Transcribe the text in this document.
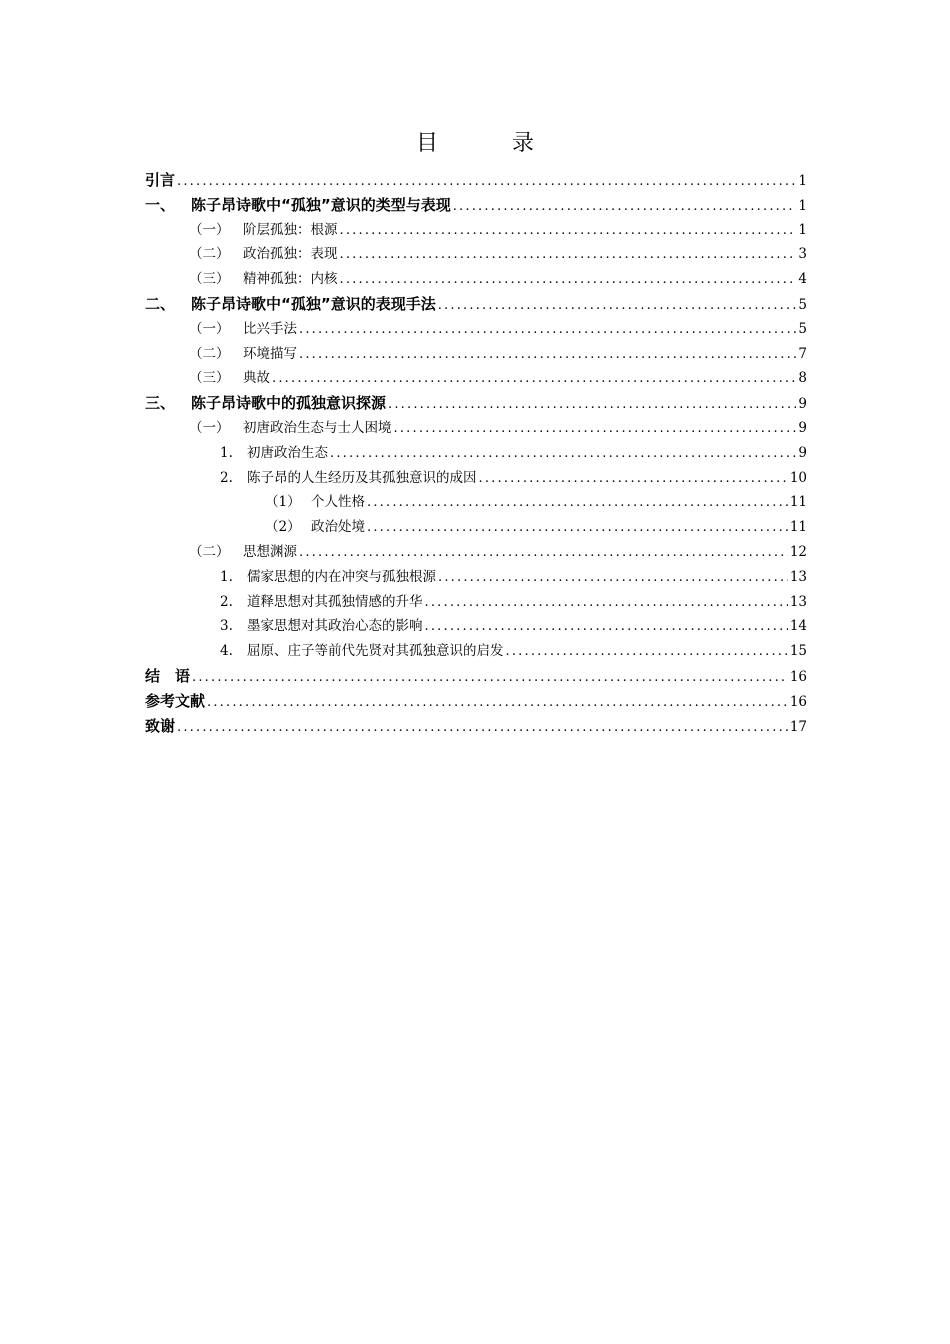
目　录
引言 .....	1
一、	陈子昂诗歌中“孤独”意识的类型与表现 .....	1
（一）	阶层孤独：根源 .....	1
（二）	政治孤独：表现 .....	3
（三）	精神孤独：内核 .....	4
二、	陈子昂诗歌中“孤独”意识的表现手法 .....	5
（一）	比兴手法 .....	5
（二）	环境描写 .....	7
（三）	典故 .....	8
三、	陈子昂诗歌中的孤独意识探源 .....	9
（一）	初唐政治生态与士人困境 .....	9
1.	初唐政治生态 .....	9
2.	陈子昂的人生经历及其孤独意识的成因 .....	10
（1） 个人性格 .....	11
（2） 政治处境 .....	11
（二）	思想渊源 .....	12
1.	儒家思想的内在冲突与孤独根源 .....	13
2.	道释思想对其孤独情感的升华 .....	13
3.	墨家思想对其政治心态的影响 .....	14
4.	屈原、庄子等前代先贤对其孤独意识的启发 .....	15
结　语 .....	16
参考文献 .....	16
致谢 .....	17
